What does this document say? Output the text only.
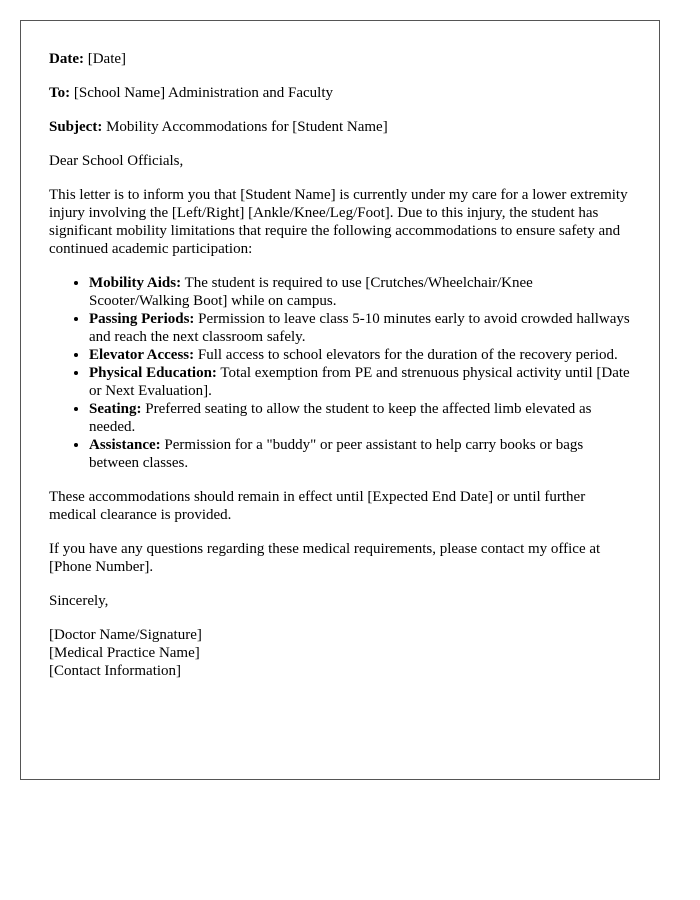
Date: [Date]

To: [School Name] Administration and Faculty

Subject: Mobility Accommodations for [Student Name]

Dear School Officials,

This letter is to inform you that [Student Name] is currently under my care for a lower extremity injury involving the [Left/Right] [Ankle/Knee/Leg/Foot]. Due to this injury, the student has significant mobility limitations that require the following accommodations to ensure safety and continued academic participation:

• Mobility Aids: The student is required to use [Crutches/Wheelchair/Knee Scooter/Walking Boot] while on campus.
• Passing Periods: Permission to leave class 5-10 minutes early to avoid crowded hallways and reach the next classroom safely.
• Elevator Access: Full access to school elevators for the duration of the recovery period.
• Physical Education: Total exemption from PE and strenuous physical activity until [Date or Next Evaluation].
• Seating: Preferred seating to allow the student to keep the affected limb elevated as needed.
• Assistance: Permission for a "buddy" or peer assistant to help carry books or bags between classes.

These accommodations should remain in effect until [Expected End Date] or until further medical clearance is provided.

If you have any questions regarding these medical requirements, please contact my office at [Phone Number].

Sincerely,

[Doctor Name/Signature]
[Medical Practice Name]
[Contact Information]
